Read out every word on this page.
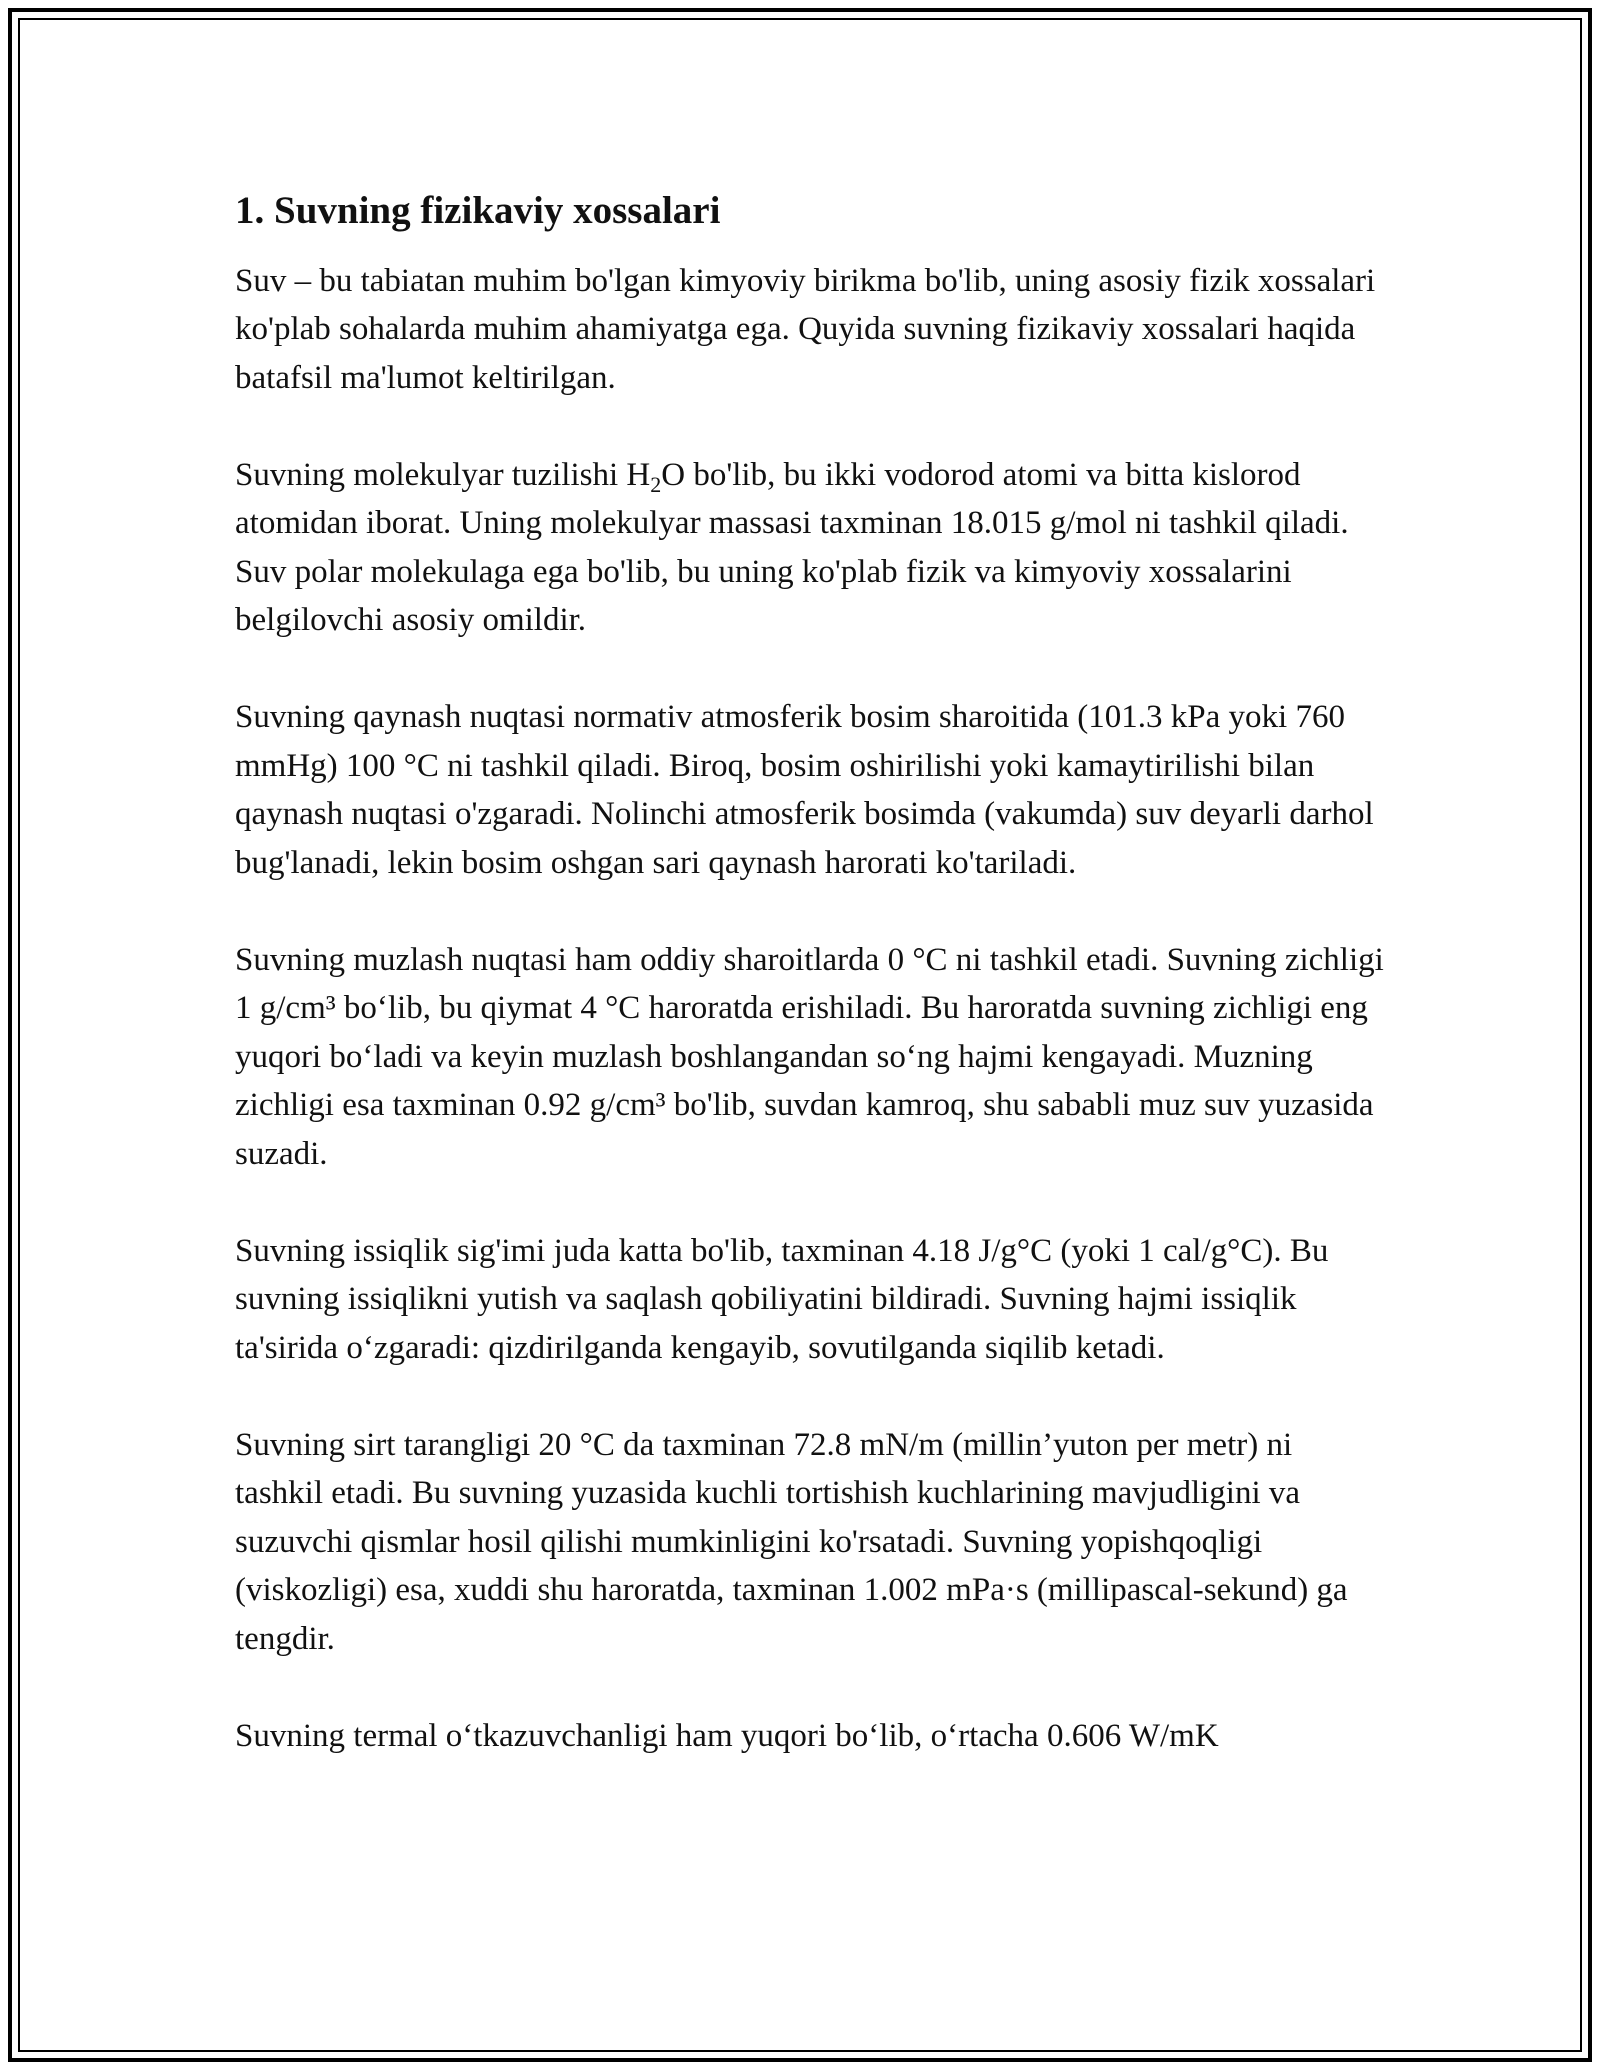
1. Suvning fizikaviy xossalari

Suv – bu tabiatan muhim bo'lgan kimyoviy birikma bo'lib, uning asosiy fizik xossalari ko'plab sohalarda muhim ahamiyatga ega. Quyida suvning fizikaviy xossalari haqida batafsil ma'lumot keltirilgan.

Suvning molekulyar tuzilishi $H_2O$ bo'lib, bu ikki vodorod atomi va bitta kislorod atomidan iborat. Uning molekulyar massasi taxminan 18.015 g/mol ni tashkil qiladi. Suv polar molekulaga ega bo'lib, bu uning ko'plab fizik va kimyoviy xossalarini belgilovchi asosiy omildir.

Suvning qaynash nuqtasi normativ atmosferik bosim sharoitida (101.3 kPa yoki 760 mmHg) 100 °C ni tashkil qiladi. Biroq, bosim oshirilishi yoki kamaytirilishi bilan qaynash nuqtasi o'zgaradi. Nolinchi atmosferik bosimda (vakumda) suv deyarli darhol bug'lanadi, lekin bosim oshgan sari qaynash harorati ko'tariladi.

Suvning muzlash nuqtasi ham oddiy sharoitlarda 0 °C ni tashkil etadi. Suvning zichligi 1 g/cm³ bo‘lib, bu qiymat 4 °C haroratda erishiladi. Bu haroratda suvning zichligi eng yuqori bo‘ladi va keyin muzlash boshlangandan so‘ng hajmi kengayadi. Muzning zichligi esa taxminan 0.92 g/cm³ bo'lib, suvdan kamroq, shu sababli muz suv yuzasida suzadi.

Suvning issiqlik sig'imi juda katta bo'lib, taxminan 4.18 J/g°C (yoki 1 cal/g°C). Bu suvning issiqlikni yutish va saqlash qobiliyatini bildiradi. Suvning hajmi issiqlik ta'sirida o‘zgaradi: qizdirilganda kengayib, sovutilganda siqilib ketadi.

Suvning sirt tarangligi 20 °C da taxminan 72.8 mN/m (millin’yuton per metr) ni tashkil etadi. Bu suvning yuzasida kuchli tortishish kuchlarining mavjudligini va suzuvchi qismlar hosil qilishi mumkinligini ko'rsatadi. Suvning yopishqoqligi (viskozligi) esa, xuddi shu haroratda, taxminan 1.002 mPa·s (millipascal-sekund) ga tengdir.

Suvning termal o‘tkazuvchanligi ham yuqori bo‘lib, o‘rtacha 0.606 W/mK
